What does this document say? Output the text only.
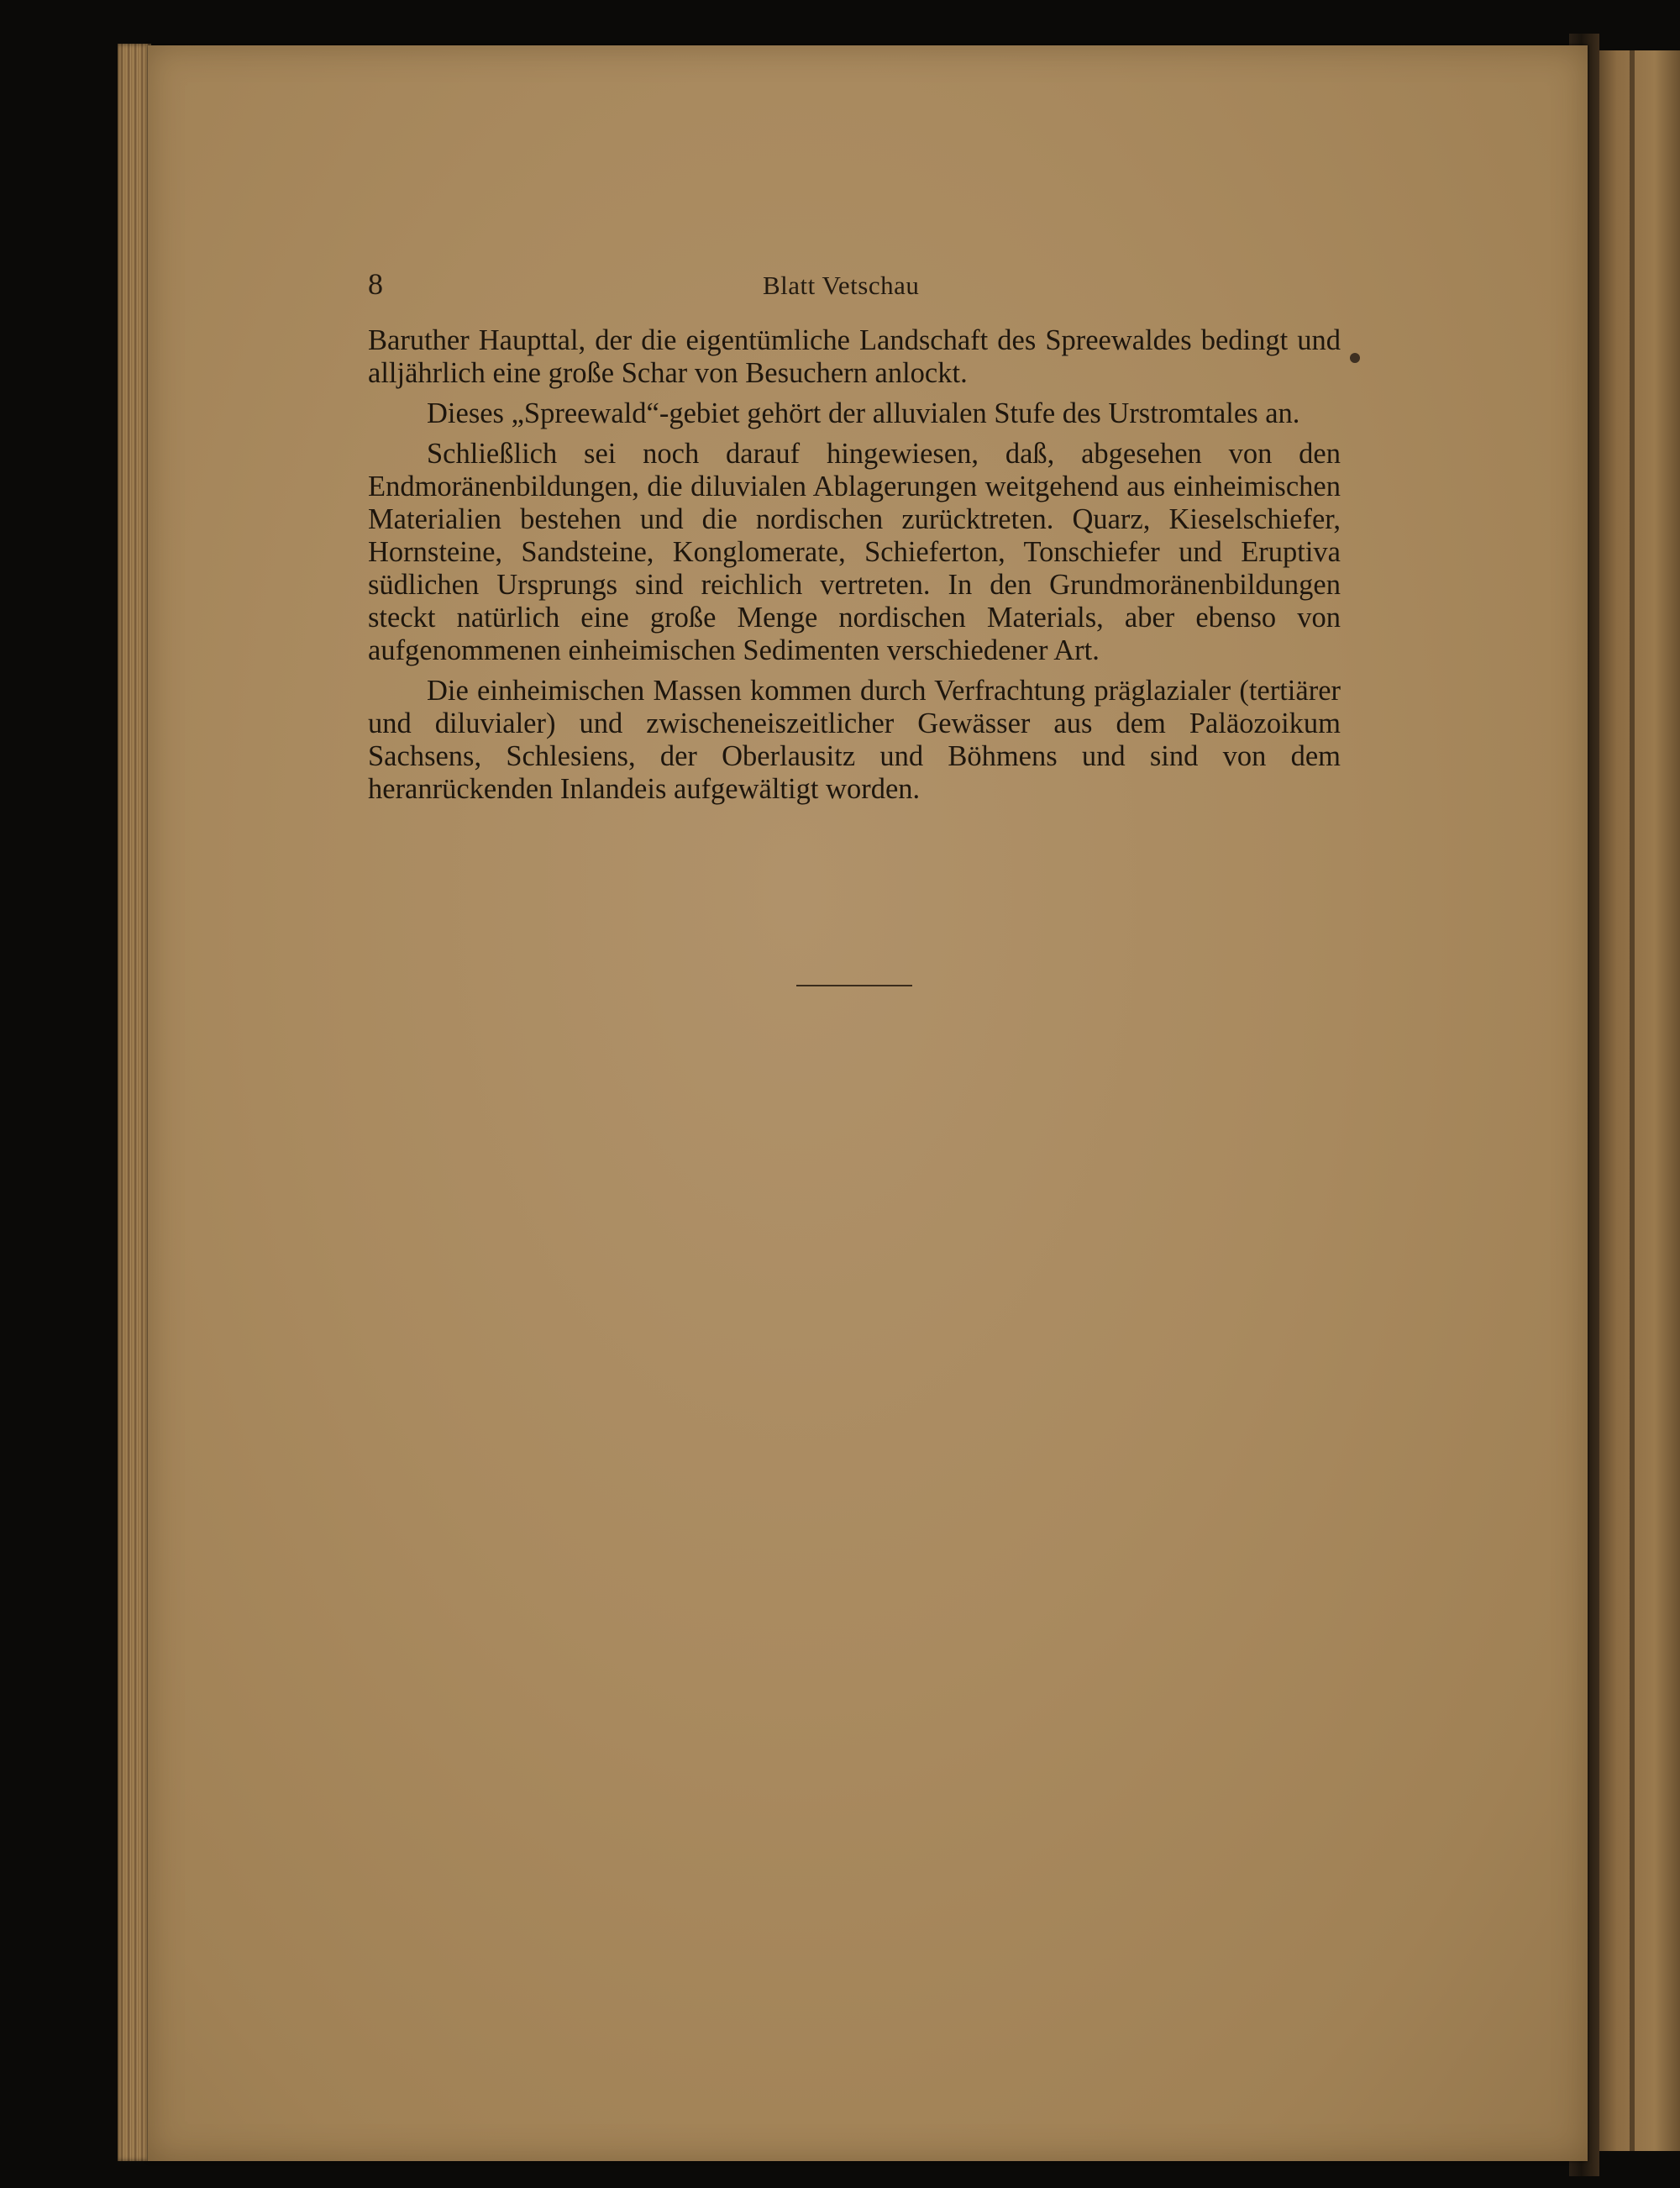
8	Blatt Vetschau

Baruther Haupttal, der die eigentümliche Landschaft des Spreewaldes bedingt und alljährlich eine große Schar von Besuchern anlockt.

Dieses „Spreewald“-gebiet gehört der alluvialen Stufe des Urstromtales an.

Schließlich sei noch darauf hingewiesen, daß, abgesehen von den Endmoränenbildungen, die diluvialen Ablagerungen weitgehend aus einheimischen Materialien bestehen und die nordischen zurücktreten. Quarz, Kieselschiefer, Hornsteine, Sandsteine, Konglomerate, Schieferton, Tonschiefer und Eruptiva südlichen Ursprungs sind reichlich vertreten. In den Grundmoränenbildungen steckt natürlich eine große Menge nordischen Materials, aber ebenso von aufgenommenen einheimischen Sedimenten verschiedener Art.

Die einheimischen Massen kommen durch Verfrachtung präglazialer (tertiärer und diluvialer) und zwischeneiszeitlicher Gewässer aus dem Paläozoikum Sachsens, Schlesiens, der Oberlausitz und Böhmens und sind von dem heranrückenden Inlandeis aufgewältigt worden.
